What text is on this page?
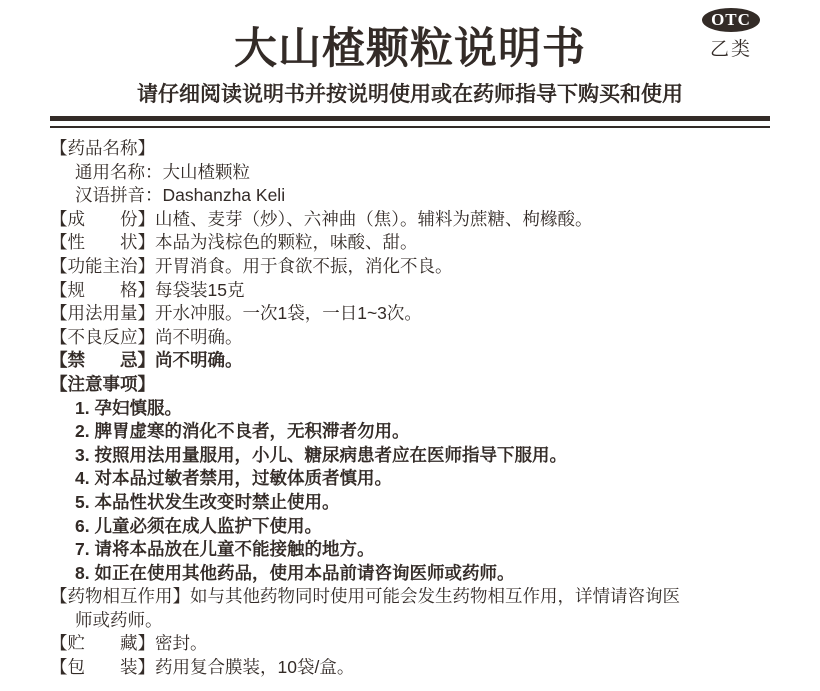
OTC
乙类
大山楂颗粒说明书
请仔细阅读说明书并按说明使用或在药师指导下购买和使用
【药品名称】
通用名称：大山楂颗粒
汉语拼音：Dashanzha Keli
【成　　份】山楂、麦芽（炒）、六神曲（焦）。辅料为蔗糖、枸橼酸。
【性　　状】本品为浅棕色的颗粒，味酸、甜。
【功能主治】开胃消食。用于食欲不振，消化不良。
【规　　格】每袋装15克
【用法用量】开水冲服。一次1袋，一日1~3次。
【不良反应】尚不明确。
【禁　　忌】尚不明确。
【注意事项】
1. 孕妇慎服。
2. 脾胃虚寒的消化不良者，无积滞者勿用。
3. 按照用法用量服用，小儿、糖尿病患者应在医师指导下服用。
4. 对本品过敏者禁用，过敏体质者慎用。
5. 本品性状发生改变时禁止使用。
6. 儿童必须在成人监护下使用。
7. 请将本品放在儿童不能接触的地方。
8. 如正在使用其他药品，使用本品前请咨询医师或药师。
【药物相互作用】如与其他药物同时使用可能会发生药物相互作用，详情请咨询医
师或药师。
【贮　　藏】密封。
【包　　装】药用复合膜装，10袋/盒。
